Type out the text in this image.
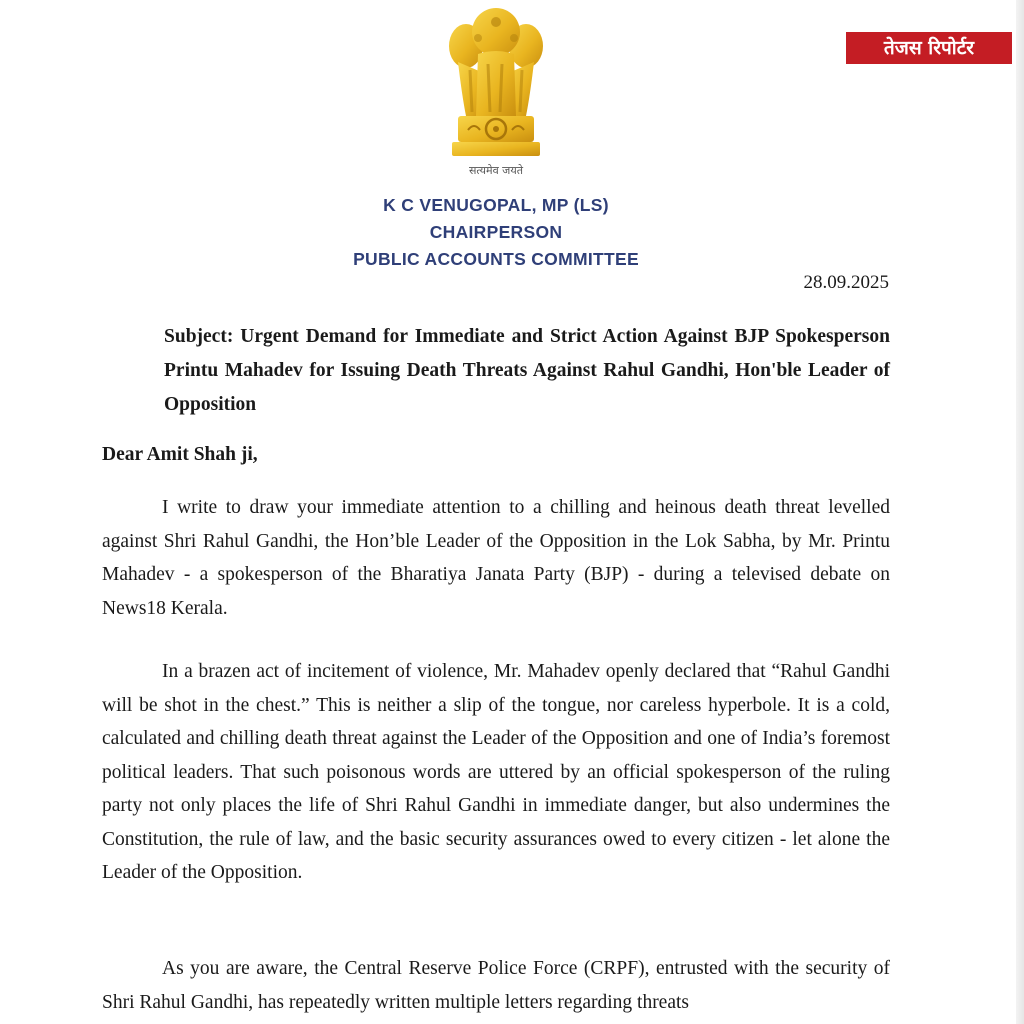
सत्यमेव जयते
तेजस रिपोर्टर
K C VENUGOPAL, MP (LS)
CHAIRPERSON
PUBLIC ACCOUNTS COMMITTEE
28.09.2025
Subject: Urgent Demand for Immediate and Strict Action Against BJP Spokesperson Printu Mahadev for Issuing Death Threats Against Rahul Gandhi, Hon'ble Leader of Opposition
Dear Amit Shah ji,

I write to draw your immediate attention to a chilling and heinous death threat levelled against Shri Rahul Gandhi, the Hon’ble Leader of the Opposition in the Lok Sabha, by Mr. Printu Mahadev - a spokesperson of the Bharatiya Janata Party (BJP) - during a televised debate on News18 Kerala.

In a brazen act of incitement of violence, Mr. Mahadev openly declared that “Rahul Gandhi will be shot in the chest.” This is neither a slip of the tongue, nor careless hyperbole. It is a cold, calculated and chilling death threat against the Leader of the Opposition and one of India’s foremost political leaders. That such poisonous words are uttered by an official spokesperson of the ruling party not only places the life of Shri Rahul Gandhi in immediate danger, but also undermines the Constitution, the rule of law, and the basic security assurances owed to every citizen - let alone the Leader of the Opposition.

As you are aware, the Central Reserve Police Force (CRPF), entrusted with the security of Shri Rahul Gandhi, has repeatedly written multiple letters regarding threats
